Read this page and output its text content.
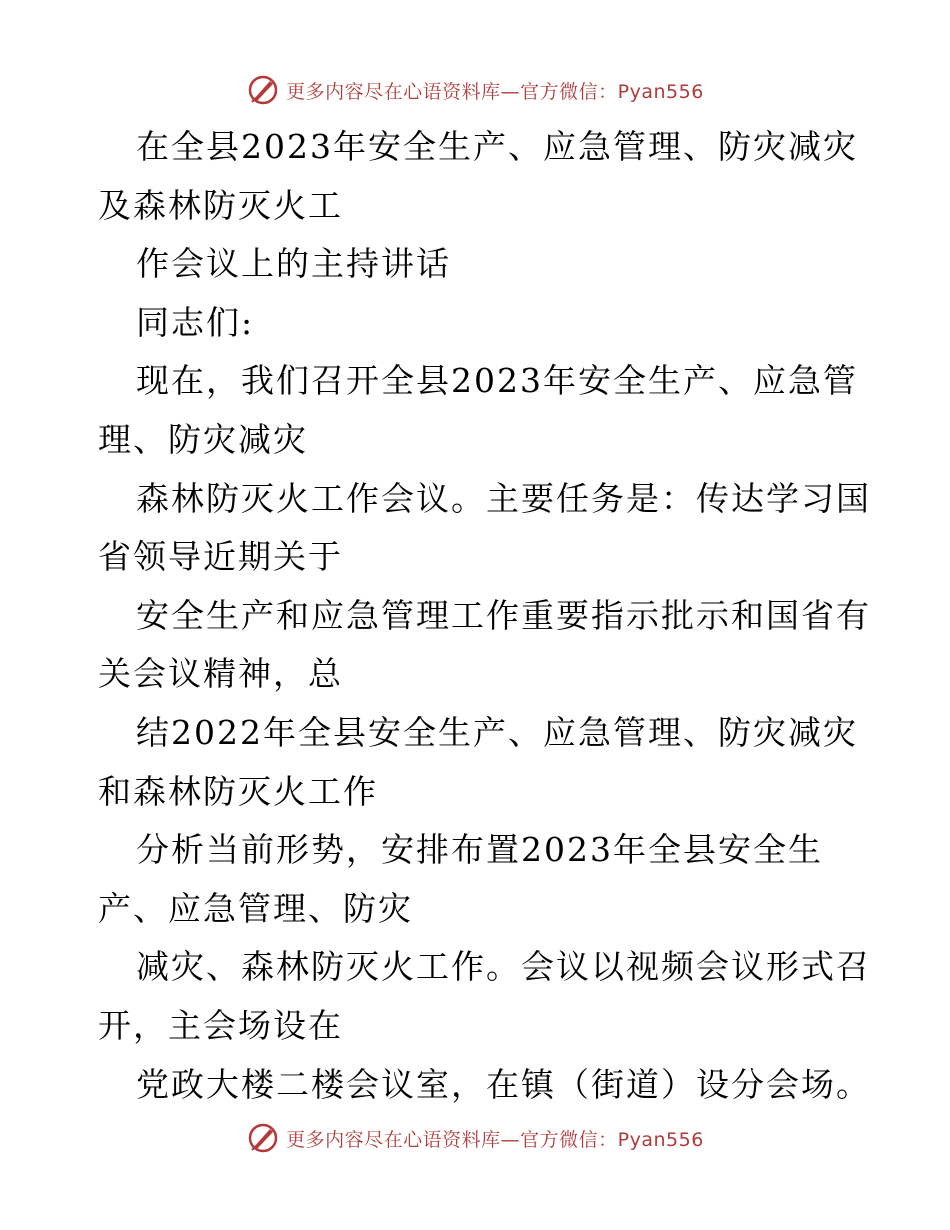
更多内容尽在心语资料库—官方微信：Pyan556
在全县2023年安全生产、应急管理、防灾减灾
及森林防灭火工
作会议上的主持讲话
同志们:
现在，我们召开全县2023年安全生产、应急管
理、防灾减灾
森林防灭火工作会议。主要任务是：传达学习国
省领导近期关于
安全生产和应急管理工作重要指示批示和国省有
关会议精神，总
结2022年全县安全生产、应急管理、防灾减灾
和森林防灭火工作
分析当前形势，安排布置2023年全县安全生
产、应急管理、防灾
减灾、森林防灭火工作。会议以视频会议形式召
开，主会场设在
党政大楼二楼会议室，在镇（街道）设分会场。
更多内容尽在心语资料库—官方微信：Pyan556
